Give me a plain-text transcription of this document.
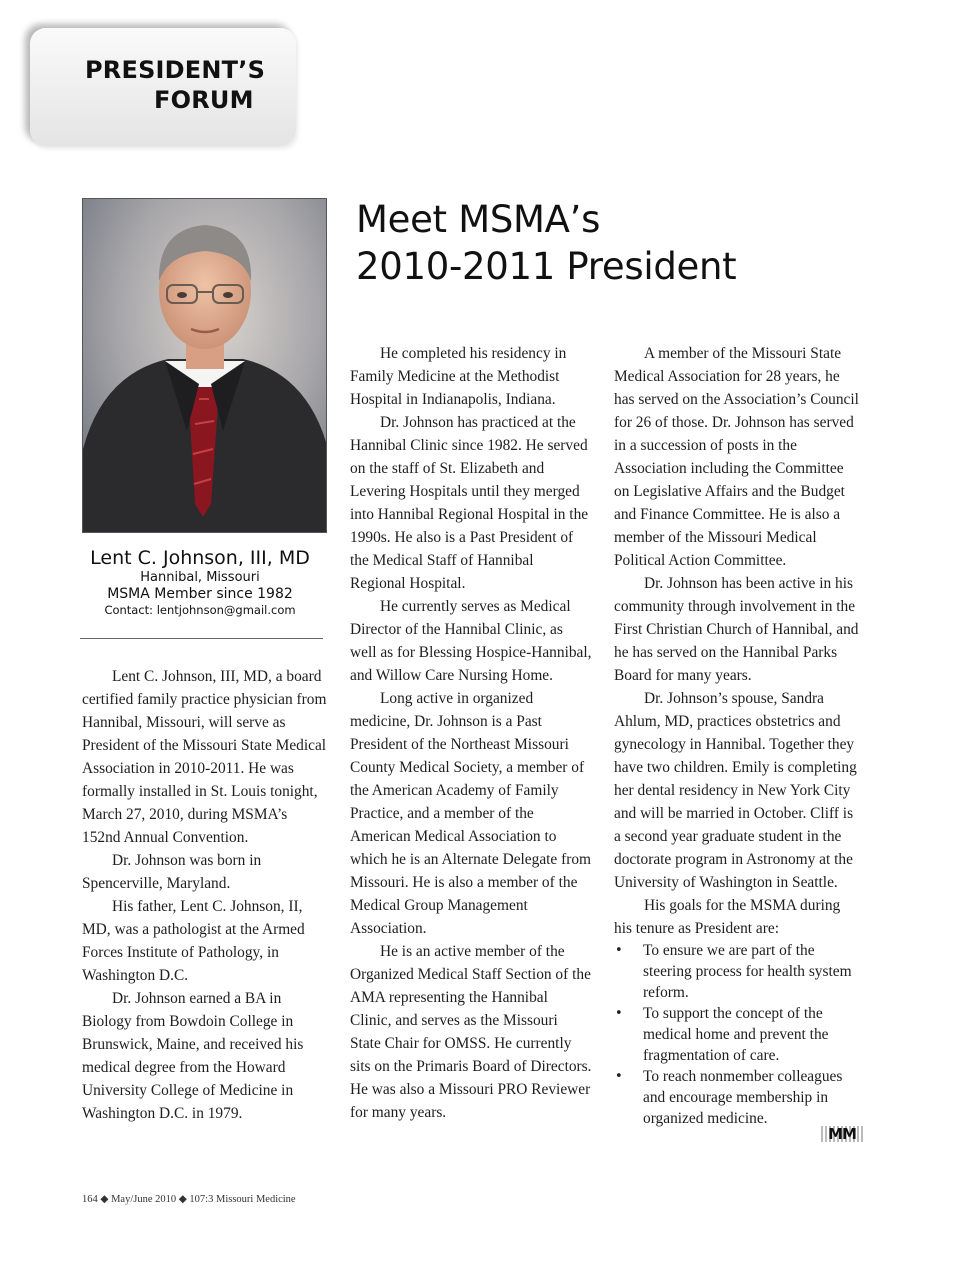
PRESIDENT’S
FORUM
Meet MSMA’s
2010-2011 President
Lent C. Johnson, III, MD
Hannibal, Missouri
MSMA Member since 1982
Contact: lentjohnson@gmail.com

Lent C. Johnson, III, MD, a board certified family practice physician from Hannibal, Missouri, will serve as President of the Missouri State Medical Association in 2010-2011. He was formally installed in St. Louis tonight, March 27, 2010, during MSMA’s 152nd Annual Convention.

Dr. Johnson was born in Spencerville, Maryland.

His father, Lent C. Johnson, II, MD, was a pathologist at the Armed Forces Institute of Pathology, in Washington D.C.

Dr. Johnson earned a BA in Biology from Bowdoin College in Brunswick, Maine, and received his medical degree from the Howard University College of Medicine in Washington D.C. in 1979.

He completed his residency in Family Medicine at the Methodist Hospital in Indianapolis, Indiana.

Dr. Johnson has practiced at the Hannibal Clinic since 1982. He served on the staff of St. Elizabeth and Levering Hospitals until they merged into Hannibal Regional Hospital in the 1990s. He also is a Past President of the Medical Staff of Hannibal Regional Hospital.

He currently serves as Medical Director of the Hannibal Clinic, as well as for Blessing Hospice-Hannibal, and Willow Care Nursing Home.

Long active in organized medicine, Dr. Johnson is a Past President of the Northeast Missouri County Medical Society, a member of the American Academy of Family Practice, and a member of the American Medical Association to which he is an Alternate Delegate from Missouri. He is also a member of the Medical Group Management Association.

He is an active member of the Organized Medical Staff Section of the AMA representing the Hannibal Clinic, and serves as the Missouri State Chair for OMSS. He currently sits on the Primaris Board of Directors. He was also a Missouri PRO Reviewer for many years.

A member of the Missouri State Medical Association for 28 years, he has served on the Association’s Council for 26 of those. Dr. Johnson has served in a succession of posts in the Association including the Committee on Legislative Affairs and the Budget and Finance Committee. He is also a member of the Missouri Medical Political Action Committee.

Dr. Johnson has been active in his community through involvement in the First Christian Church of Hannibal, and he has served on the Hannibal Parks Board for many years.

Dr. Johnson’s spouse, Sandra Ahlum, MD, practices obstetrics and gynecology in Hannibal. Together they have two children. Emily is completing her dental residency in New York City and will be married in October. Cliff is a second year graduate student in the doctorate program in Astronomy at the University of Washington in Seattle.

His goals for the MSMA during his tenure as President are:

• To ensure we are part of the steering process for health system reform.
• To support the concept of the medical home and prevent the fragmentation of care.
• To reach nonmember colleagues and encourage membership in organized medicine.
MM
164 ◆ May/June 2010 ◆ 107:3 Missouri Medicine
